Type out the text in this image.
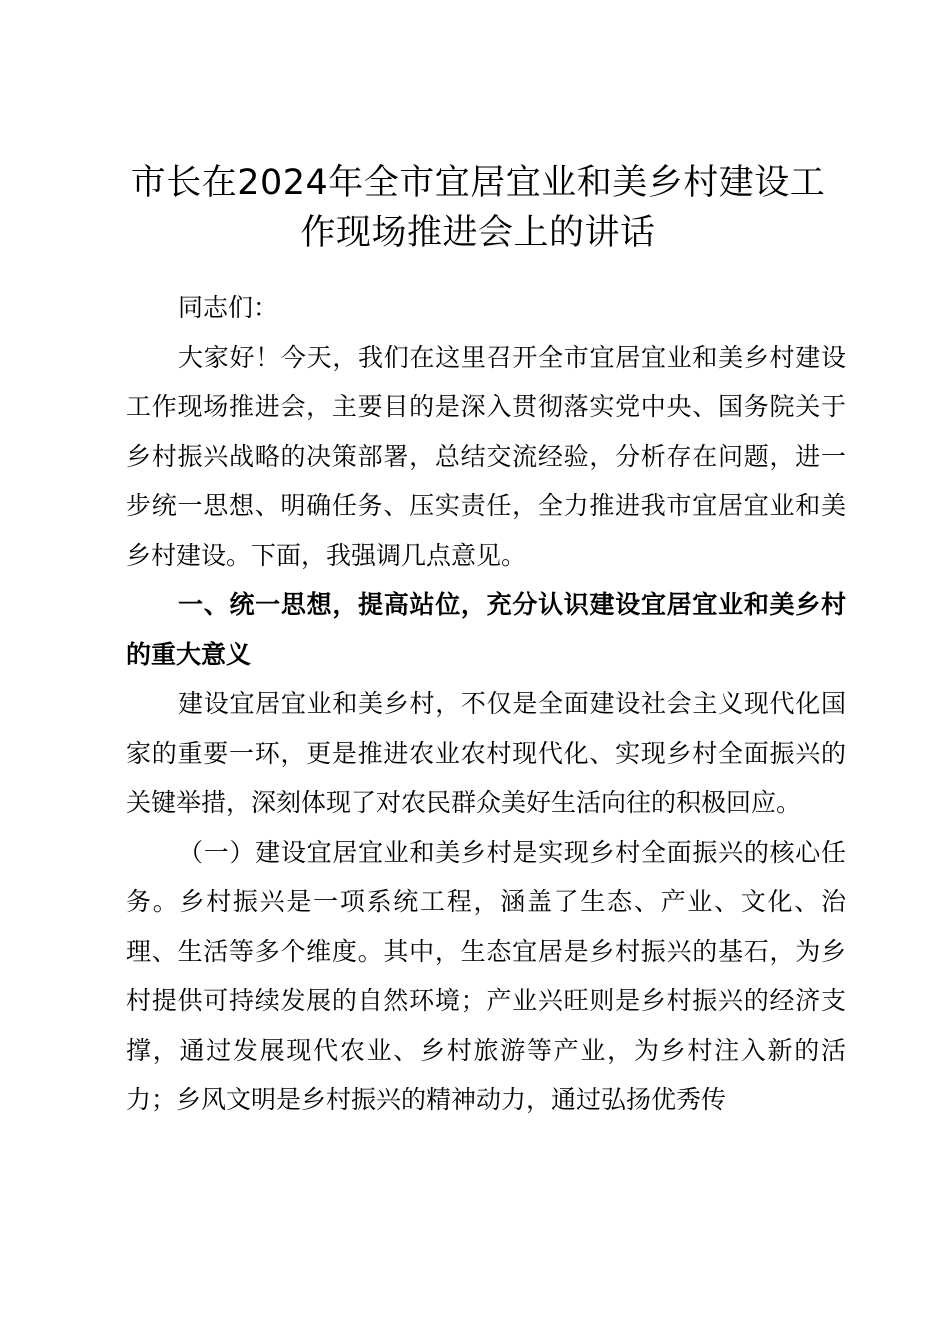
市长在2024年全市宜居宜业和美乡村建设工
作现场推进会上的讲话

同志们：

大家好！今天，我们在这里召开全市宜居宜业和美乡村建设工作现场推进会，主要目的是深入贯彻落实党中央、国务院关于乡村振兴战略的决策部署，总结交流经验，分析存在问题，进一步统一思想、明确任务、压实责任，全力推进我市宜居宜业和美乡村建设。下面，我强调几点意见。

一、统一思想，提高站位，充分认识建设宜居宜业和美乡村的重大意义

建设宜居宜业和美乡村，不仅是全面建设社会主义现代化国家的重要一环，更是推进农业农村现代化、实现乡村全面振兴的关键举措，深刻体现了对农民群众美好生活向往的积极回应。

（一）建设宜居宜业和美乡村是实现乡村全面振兴的核心任务。乡村振兴是一项系统工程，涵盖了生态、产业、文化、治理、生活等多个维度。其中，生态宜居是乡村振兴的基石，为乡村提供可持续发展的自然环境；产业兴旺则是乡村振兴的经济支撑，通过发展现代农业、乡村旅游等产业，为乡村注入新的活力；乡风文明是乡村振兴的精神动力，通过弘扬优秀传
